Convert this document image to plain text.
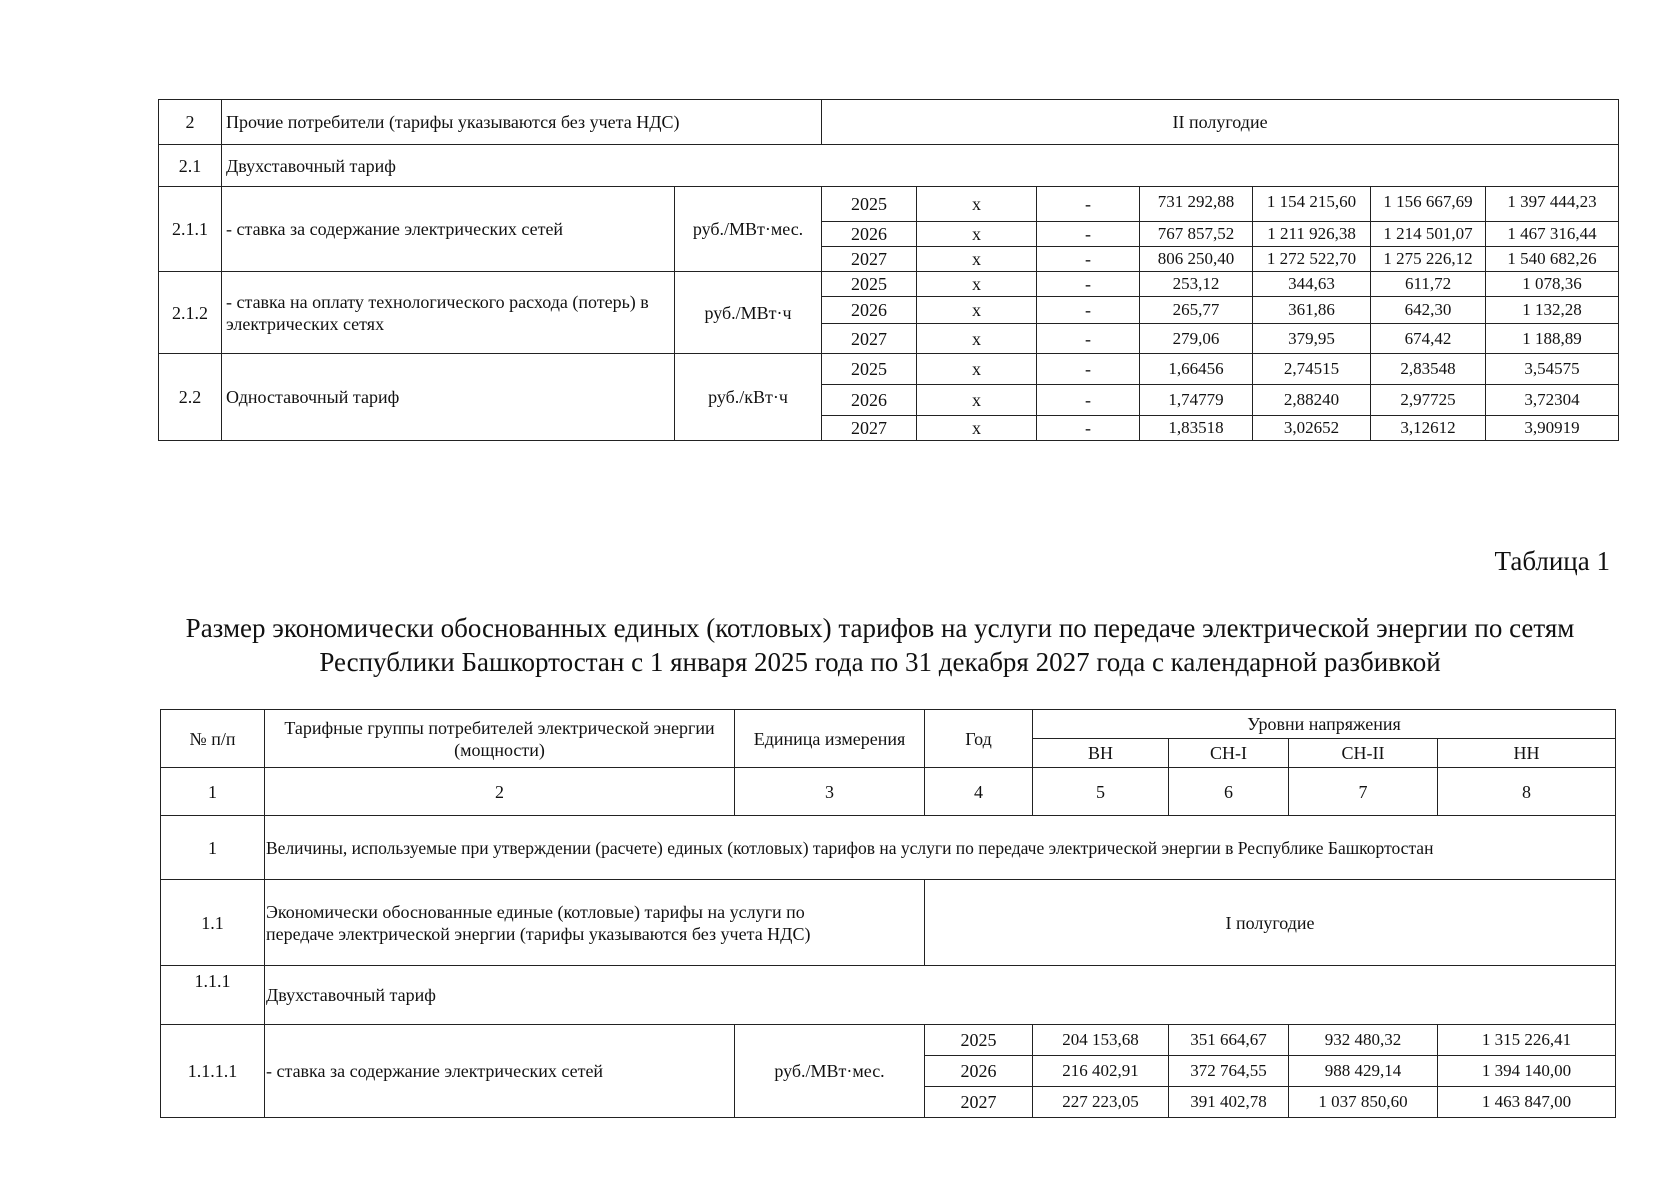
2	Прочие потребители (тарифы указываются без учета НДС)		II полугодие						
2.1	Двухставочный тариф								
2.1.1	- ставка за содержание электрических сетей	руб./МВт·мес.	2025	х	-	731 292,88	1 154 215,60	1 156 667,69	1 397 444,23
			2026	х	-	767 857,52	1 211 926,38	1 214 501,07	1 467 316,44
			2027	х	-	806 250,40	1 272 522,70	1 275 226,12	1 540 682,26
2.1.2	- ставка на оплату технологического расхода (потерь) в электрических сетях	руб./МВт·ч	2025	х	-	253,12	344,63	611,72	1 078,36
			2026	х	-	265,77	361,86	642,30	1 132,28
			2027	х	-	279,06	379,95	674,42	1 188,89
2.2	Одноставочный тариф	руб./кВт·ч	2025	х	-	1,66456	2,74515	2,83548	3,54575
			2026	х	-	1,74779	2,88240	2,97725	3,72304
			2027	х	-	1,83518	3,02652	3,12612	3,90919
Таблица 1
Размер экономически обоснованных единых (котловых) тарифов на услуги по передаче электрической энергии по сетям
Республики Башкортостан с 1 января 2025 года по 31 декабря 2027 года с календарной разбивкой
№ п/п	Тарифные группы потребителей электрической энергии (мощности)	Единица измерения	Год	Уровни напряжения			
				ВН	СН-I	СН-II	НН
1	2	3	4	5	6	7	8
1	Величины, используемые при утверждении (расчете) единых (котловых) тарифов на услуги по передаче электрической энергии в Республике Башкортостан						
1.1	Экономически обоснованные единые (котловые) тарифы на услуги по передаче электрической энергии (тарифы указываются без учета НДС)		I полугодие				
1.1.1	Двухставочный тариф						
1.1.1.1	- ставка за содержание электрических сетей	руб./МВт·мес.	2025	204 153,68	351 664,67	932 480,32	1 315 226,41
			2026	216 402,91	372 764,55	988 429,14	1 394 140,00
			2027	227 223,05	391 402,78	1 037 850,60	1 463 847,00
